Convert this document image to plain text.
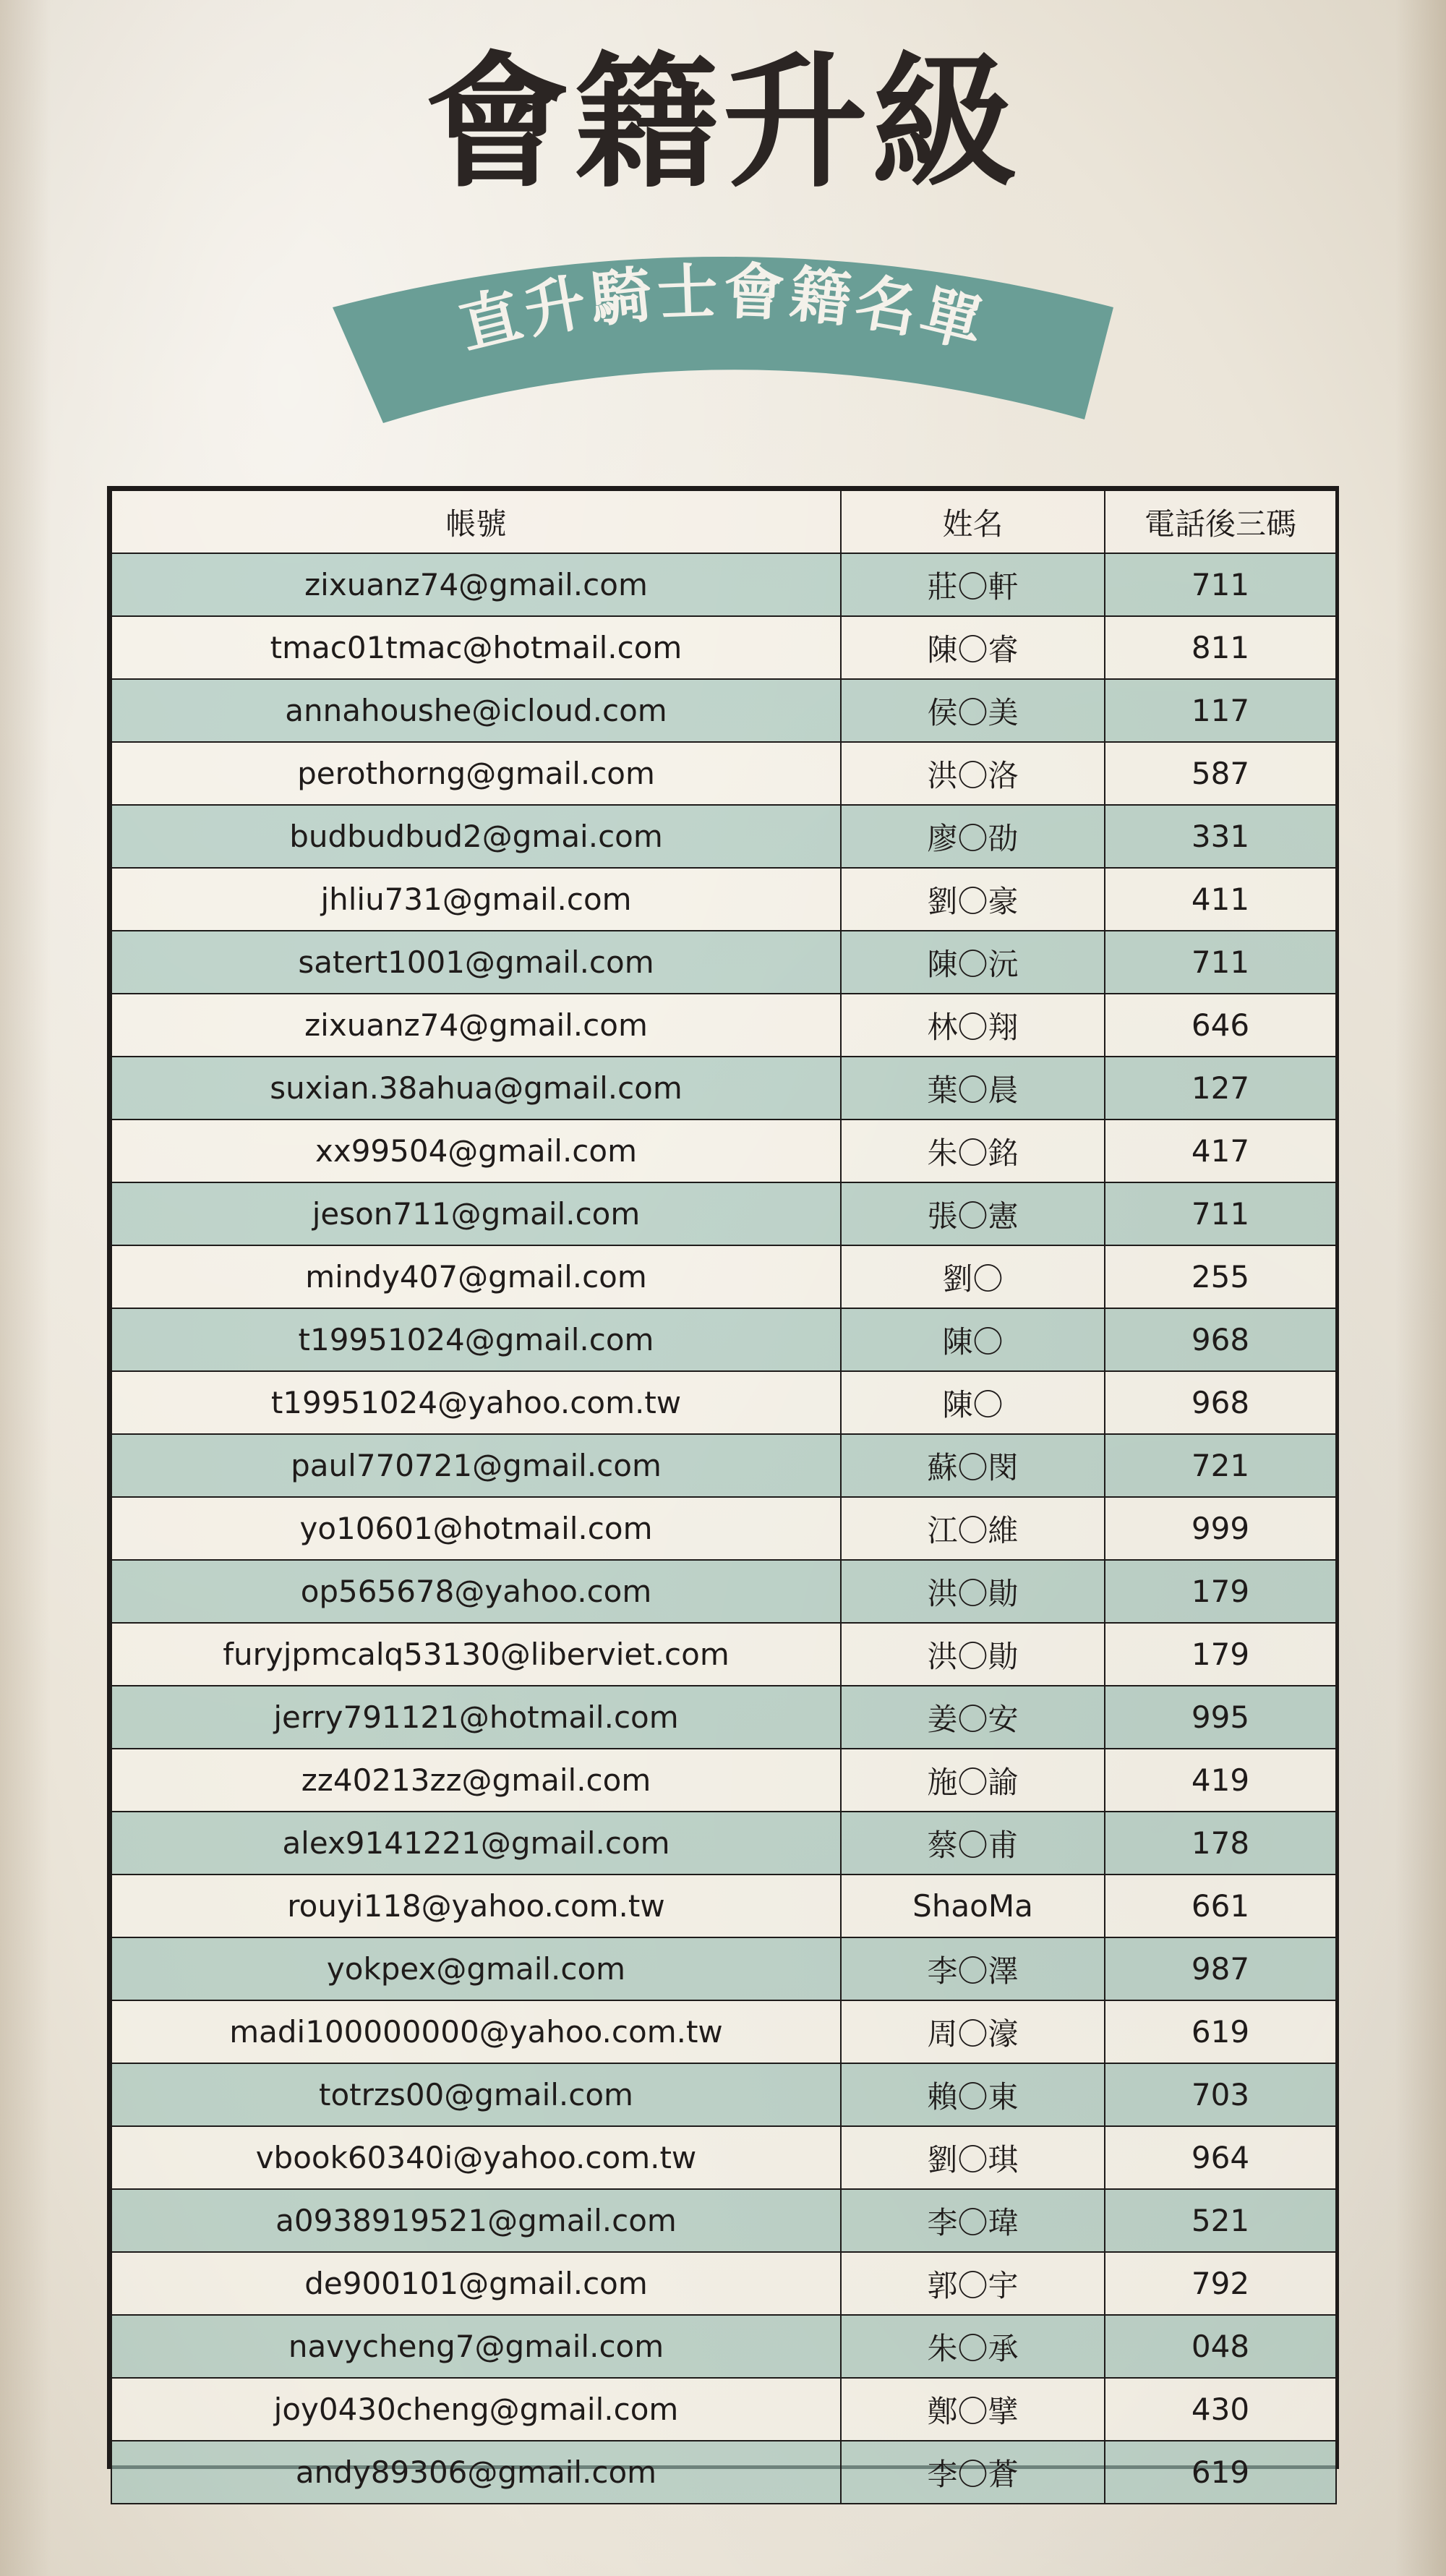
會籍升級
直升騎士會籍名單
帳號	姓名	電話後三碼
zixuanz74@gmail.com	莊〇軒	711
tmac01tmac@hotmail.com	陳〇睿	811
annahoushe@icloud.com	侯〇美	117
perothorng@gmail.com	洪〇洛	587
budbudbud2@gmai.com	廖〇劭	331
jhliu731@gmail.com	劉〇豪	411
satert1001@gmail.com	陳〇沅	711
zixuanz74@gmail.com	林〇翔	646
suxian.38ahua@gmail.com	葉〇晨	127
xx99504@gmail.com	朱〇銘	417
jeson711@gmail.com	張〇憲	711
mindy407@gmail.com	劉〇	255
t19951024@gmail.com	陳〇	968
t19951024@yahoo.com.tw	陳〇	968
paul770721@gmail.com	蘇〇閔	721
yo10601@hotmail.com	江〇維	999
op565678@yahoo.com	洪〇勛	179
furyjpmcalq53130@liberviet.com	洪〇勛	179
jerry791121@hotmail.com	姜〇安	995
zz40213zz@gmail.com	施〇諭	419
alex9141221@gmail.com	蔡〇甫	178
rouyi118@yahoo.com.tw	ShaoMa	661
yokpex@gmail.com	李〇澤	987
madi100000000@yahoo.com.tw	周〇濠	619
totrzs00@gmail.com	賴〇東	703
vbook60340i@yahoo.com.tw	劉〇琪	964
a0938919521@gmail.com	李〇瑋	521
de900101@gmail.com	郭〇宇	792
navycheng7@gmail.com	朱〇承	048
joy0430cheng@gmail.com	鄭〇擘	430
andy89306@gmail.com	李〇蒼	619
